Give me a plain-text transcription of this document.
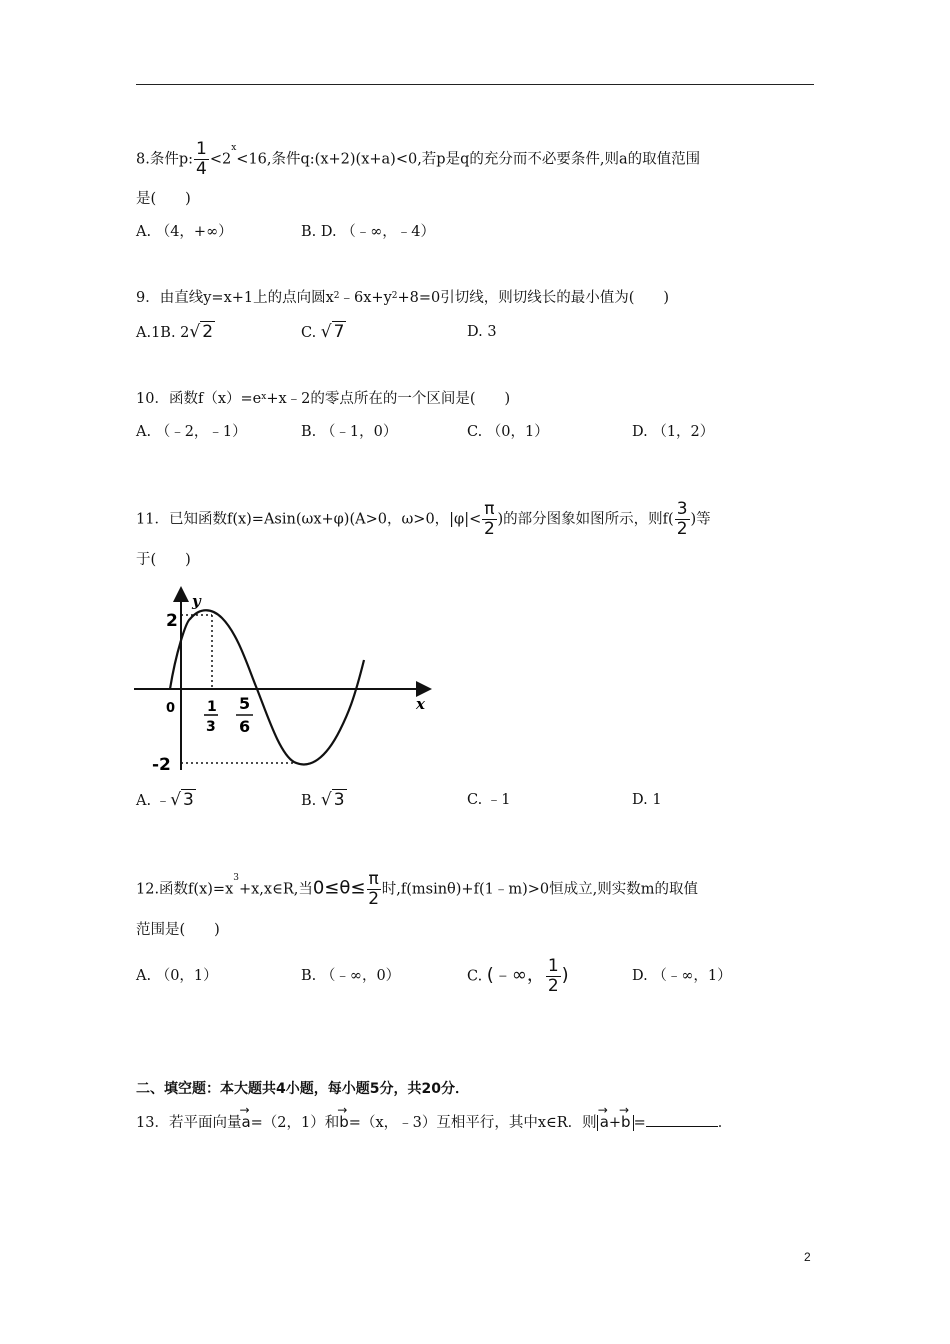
8.条件p: $\frac{1}{4} <2^x<16$,条件q:(x+2)(x+a)<0,若p是q的充分而不必要条件,则a的取值范围
是(　　)
A. （4，+∞）	B. D. （﹣∞，﹣4）
9．由直线y=x+1上的点向圆$x^2﹣6x+y^2+8=0$引切线，则切线长的最小值为(　　)
A.1B. 2√ 2	C. √ 7	D. 3
10．函数$f(x)=e^x+x﹣2$的零点所在的一个区间是(　　)
A. （﹣2，﹣1）	B. （﹣1，0）	C. （0，1）	D. （1，2）
11．已知函数f(x)=Asin(ωx+φ)(A>0，ω>0，$|\varphi|< \frac{\pi}{2}$ )的部分图象如图所示，则$f( \frac{3}{2}$ )等
于(　　)
y
x
2
-2
0 1
3
5
6
A. ﹣√ 3	B. √ 3	C. ﹣1	D. 1
12.函数$f(x)=x^3+x,x\in R$,当$0\le\theta\le \frac{\pi}{2}$ 时,f(msinθ)+f(1﹣m)>0恒成立,则实数m的取值
范围是(　　)
A. （0，1）	B. （﹣∞，0）	C. (﹣∞， $\frac{1}{2}$ )	D. （﹣∞，1）
二、填空题：本大题共4小题，每小题5分，共20分．
13．若平面向量→ a=（2，1）和→ b=（x，﹣3）互相平行，其中x∈R．则→ a+→ b =	．
2
